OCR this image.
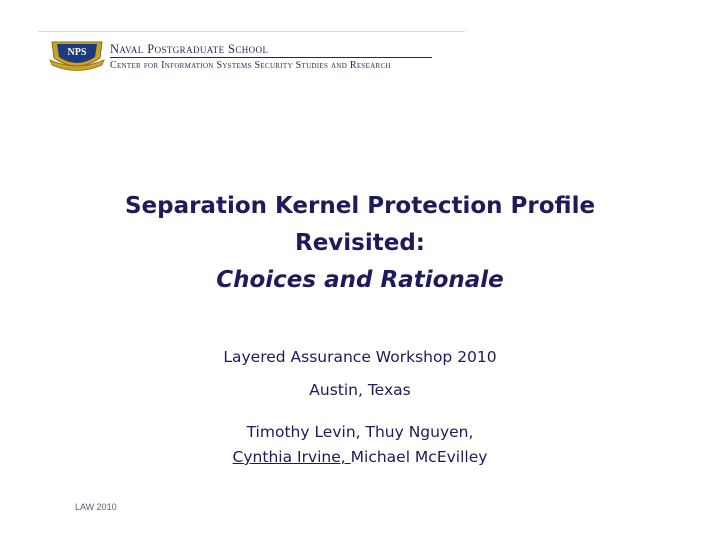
NPS Naval Postgraduate School
Center for Information Systems Security Studies and Research
Separation Kernel Protection Profile
Revisited:
Choices and Rationale
Layered Assurance Workshop 2010
Austin, Texas
Timothy Levin, Thuy Nguyen,
Cynthia Irvine, Michael McEvilley
LAW 2010
